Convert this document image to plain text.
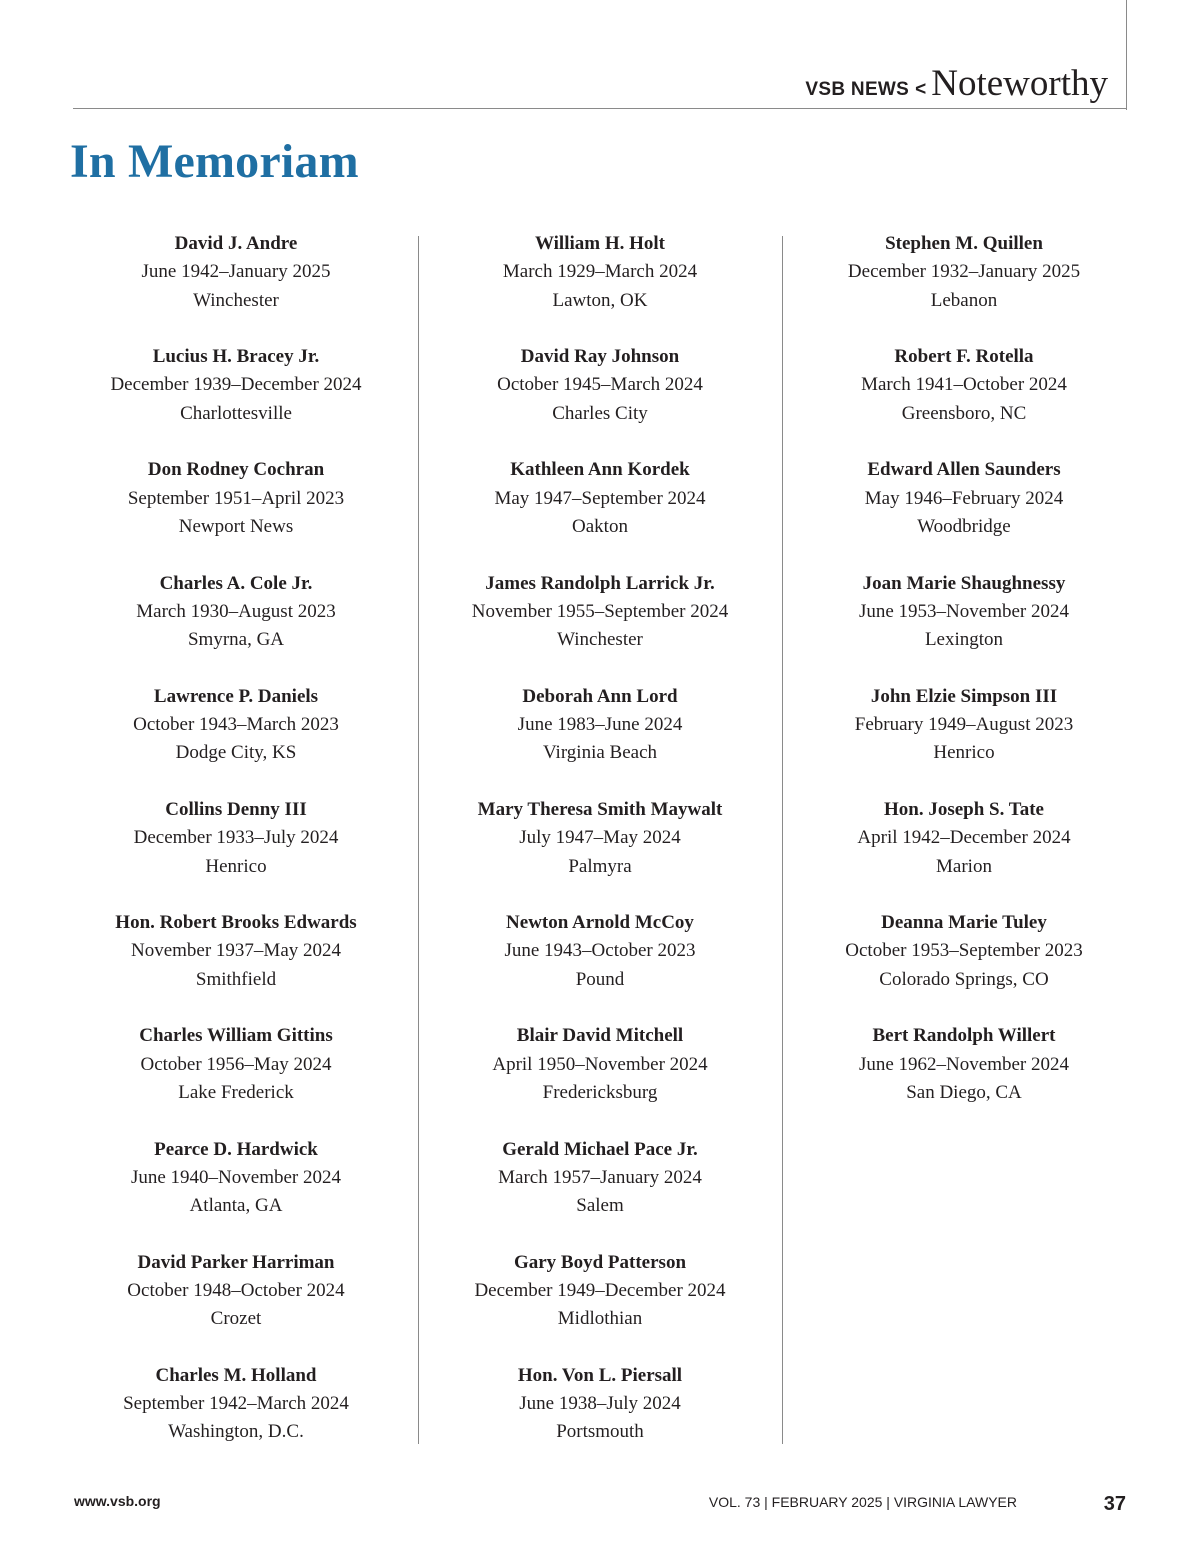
VSB NEWS < Noteworthy
In Memoriam
David J. Andre
June 1942–January 2025
Winchester
Lucius H. Bracey Jr.
December 1939–December 2024
Charlottesville
Don Rodney Cochran
September 1951–April 2023
Newport News
Charles A. Cole Jr.
March 1930–August 2023
Smyrna, GA
Lawrence P. Daniels
October 1943–March 2023
Dodge City, KS
Collins Denny III
December 1933–July 2024
Henrico
Hon. Robert Brooks Edwards
November 1937–May 2024
Smithfield
Charles William Gittins
October 1956–May 2024
Lake Frederick
Pearce D. Hardwick
June 1940–November 2024
Atlanta, GA
David Parker Harriman
October 1948–October 2024
Crozet
Charles M. Holland
September 1942–March 2024
Washington, D.C.
William H. Holt
March 1929–March 2024
Lawton, OK
David Ray Johnson
October 1945–March 2024
Charles City
Kathleen Ann Kordek
May 1947–September 2024
Oakton
James Randolph Larrick Jr.
November 1955–September 2024
Winchester
Deborah Ann Lord
June 1983–June 2024
Virginia Beach
Mary Theresa Smith Maywalt
July 1947–May 2024
Palmyra
Newton Arnold McCoy
June 1943–October 2023
Pound
Blair David Mitchell
April 1950–November 2024
Fredericksburg
Gerald Michael Pace Jr.
March 1957–January 2024
Salem
Gary Boyd Patterson
December 1949–December 2024
Midlothian
Hon. Von L. Piersall
June 1938–July 2024
Portsmouth
Stephen M. Quillen
December 1932–January 2025
Lebanon
Robert F. Rotella
March 1941–October 2024
Greensboro, NC
Edward Allen Saunders
May 1946–February 2024
Woodbridge
Joan Marie Shaughnessy
June 1953–November 2024
Lexington
John Elzie Simpson III
February 1949–August 2023
Henrico
Hon. Joseph S. Tate
April 1942–December 2024
Marion
Deanna Marie Tuley
October 1953–September 2023
Colorado Springs, CO
Bert Randolph Willert
June 1962–November 2024
San Diego, CA
www.vsb.org	VOL. 73 | FEBRUARY 2025 | VIRGINIA LAWYER	37
